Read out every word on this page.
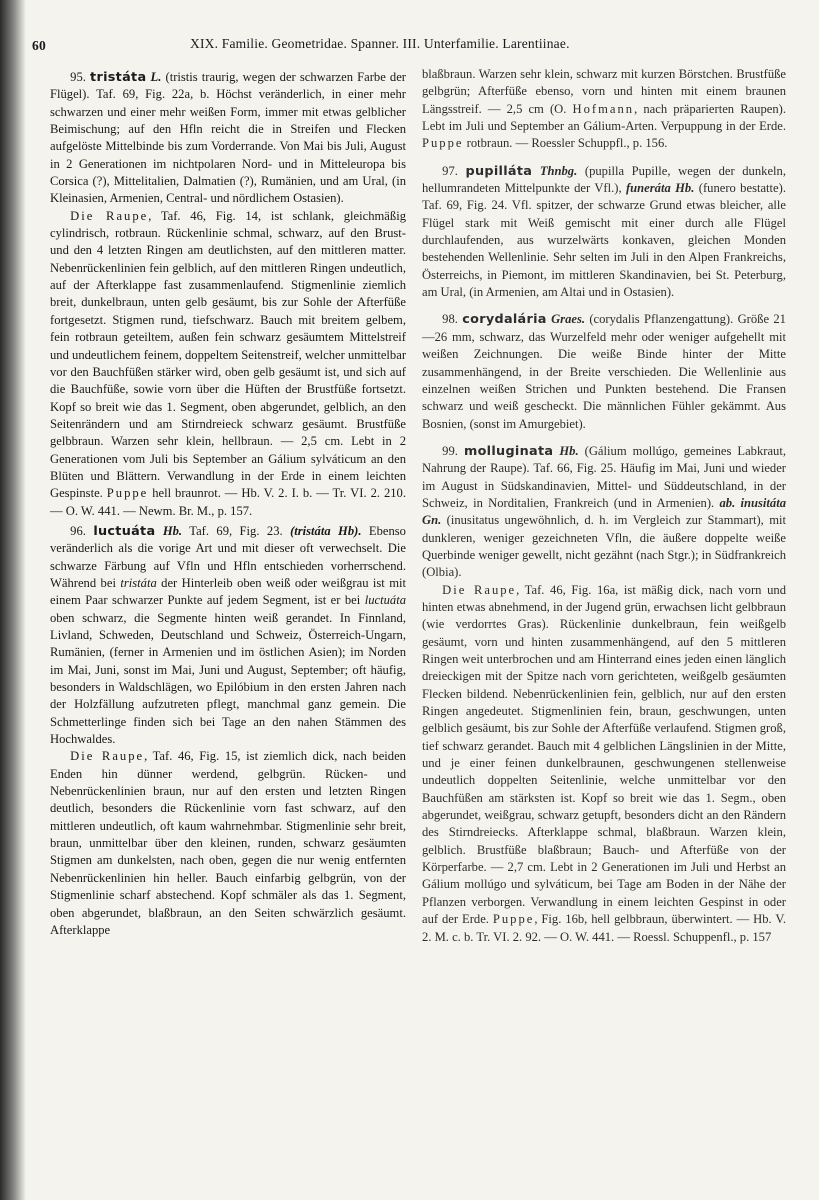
60	XIX. Familie. Geometridae. Spanner. III. Unterfamilie. Larentiinae.

95. tristáta L. (tristis traurig, wegen der schwarzen Farbe der Flügel). Taf. 69, Fig. 22a, b. Höchst veränderlich, in einer mehr schwarzen und einer mehr weißen Form, immer mit etwas gelblicher Beimischung; auf den Hfln reicht die in Streifen und Flecken aufgelöste Mittelbinde bis zum Vorderrande. Von Mai bis Juli, August in 2 Generationen im nichtpolaren Nord- und in Mitteleuropa bis Corsica (?), Mittelitalien, Dalmatien (?), Rumänien, und am Ural, (in Kleinasien, Armenien, Central- und nördlichem Ostasien).

Die Raupe, Taf. 46, Fig. 14, ist schlank, gleichmäßig cylindrisch, rotbraun. Rückenlinie schmal, schwarz, auf den Brust- und den 4 letzten Ringen am deutlichsten, auf den mittleren matter. Nebenrückenlinien fein gelblich, auf den mittleren Ringen undeutlich, auf der Afterklappe fast zusammenlaufend. Stigmenlinie ziemlich breit, dunkelbraun, unten gelb gesäumt, bis zur Sohle der Afterfüße fortgesetzt. Stigmen rund, tiefschwarz. Bauch mit breitem gelbem, fein rotbraun geteiltem, außen fein schwarz gesäumtem Mittelstreif und undeutlichem feinem, doppeltem Seitenstreif, welcher unmittelbar vor den Bauchfüßen stärker wird, oben gelb gesäumt ist, und sich auf die Bauchfüße, sowie vorn über die Hüften der Brustfüße fortsetzt. Kopf so breit wie das 1. Segment, oben abgerundet, gelblich, an den Seitenrändern und am Stirndreieck schwarz gesäumt. Brustfüße gelbbraun. Warzen sehr klein, hellbraun. — 2,5 cm. Lebt in 2 Generationen vom Juli bis September an Gálium sylváticum an den Blüten und Blättern. Verwandlung in der Erde in einem leichten Gespinste. Puppe hell braunrot. — Hb. V. 2. I. b. — Tr. VI. 2. 210. — O. W. 441. — Newm. Br. M., p. 157.

96. luctuáta Hb. Taf. 69, Fig. 23. (tristáta Hb). Ebenso veränderlich als die vorige Art und mit dieser oft verwechselt. Die schwarze Färbung auf Vfln und Hfln entschieden vorherrschend. Während bei tristáta der Hinterleib oben weiß oder weißgrau ist mit einem Paar schwarzer Punkte auf jedem Segment, ist er bei luctuáta oben schwarz, die Segmente hinten weiß gerandet. In Finnland, Livland, Schweden, Deutschland und Schweiz, Österreich-Ungarn, Rumänien, (ferner in Armenien und im östlichen Asien); im Norden im Mai, Juni, sonst im Mai, Juni und August, September; oft häufig, besonders in Waldschlägen, wo Epilóbium in den ersten Jahren nach der Holzfällung aufzutreten pflegt, manchmal ganz gemein. Die Schmetterlinge finden sich bei Tage an den nahen Stämmen des Hochwaldes.

Die Raupe, Taf. 46, Fig. 15, ist ziemlich dick, nach beiden Enden hin dünner werdend, gelbgrün. Rücken- und Nebenrückenlinien braun, nur auf den ersten und letzten Ringen deutlich, besonders die Rückenlinie vorn fast schwarz, auf den mittleren undeutlich, oft kaum wahrnehmbar. Stigmenlinie sehr breit, braun, unmittelbar über den kleinen, runden, schwarz gesäumten Stigmen am dunkelsten, nach oben, gegen die nur wenig entfernten Nebenrückenlinien hin heller. Bauch einfarbig gelbgrün, von der Stigmenlinie scharf abstechend. Kopf schmäler als das 1. Segment, oben abgerundet, blaßbraun, an den Seiten schwärzlich gesäumt. Afterklappe

blaßbraun. Warzen sehr klein, schwarz mit kurzen Börstchen. Brustfüße gelbgrün; Afterfüße ebenso, vorn und hinten mit einem braunen Längsstreif. — 2,5 cm (O. Hofmann, nach präparierten Raupen). Lebt im Juli und September an Gálium-Arten. Verpuppung in der Erde. Puppe rotbraun. — Roessler Schuppfl., p. 156.

97. pupilláta Thnbg. (pupilla Pupille, wegen der dunkeln, hellumrandeten Mittelpunkte der Vfl.), funeráta Hb. (funero bestatte). Taf. 69, Fig. 24. Vfl. spitzer, der schwarze Grund etwas bleicher, alle Flügel stark mit Weiß gemischt mit einer durch alle Flügel durchlaufenden, aus wurzelwärts konkaven, gleichen Monden bestehenden Wellenlinie. Sehr selten im Juli in den Alpen Frankreichs, Österreichs, in Piemont, im mittleren Skandinavien, bei St. Peterburg, am Ural, (in Armenien, am Altai und in Ostasien).

98. corydalária Graes. (corydalis Pflanzengattung). Größe 21—26 mm, schwarz, das Wurzelfeld mehr oder weniger aufgehellt mit weißen Zeichnungen. Die weiße Binde hinter der Mitte zusammenhängend, in der Breite verschieden. Die Wellenlinie aus einzelnen weißen Strichen und Punkten bestehend. Die Fransen schwarz und weiß gescheckt. Die männlichen Fühler gekämmt. Aus Bosnien, (sonst im Amurgebiet).

99. molluginata Hb. (Gálium mollúgo, gemeines Labkraut, Nahrung der Raupe). Taf. 66, Fig. 25. Häufig im Mai, Juni und wieder im August in Südskandinavien, Mittel- und Süddeutschland, in der Schweiz, in Norditalien, Frankreich (und in Armenien). ab. inusitáta Gn. (inusitatus ungewöhnlich, d. h. im Vergleich zur Stammart), mit dunkleren, weniger gezeichneten Vfln, die äußere doppelte weiße Querbinde weniger gewellt, nicht gezähnt (nach Stgr.); in Südfrankreich (Olbia).

Die Raupe, Taf. 46, Fig. 16a, ist mäßig dick, nach vorn und hinten etwas abnehmend, in der Jugend grün, erwachsen licht gelbbraun (wie verdorrtes Gras). Rückenlinie dunkelbraun, fein weißgelb gesäumt, vorn und hinten zusammenhängend, auf den 5 mittleren Ringen weit unterbrochen und am Hinterrand eines jeden einen länglich dreieckigen mit der Spitze nach vorn gerichteten, weißgelb gesäumten Flecken bildend. Nebenrückenlinien fein, gelblich, nur auf den ersten Ringen angedeutet. Stigmenlinien fein, braun, geschwungen, unten gelblich gesäumt, bis zur Sohle der Afterfüße verlaufend. Stigmen groß, tief schwarz gerandet. Bauch mit 4 gelblichen Längslinien in der Mitte, und je einer feinen dunkelbraunen, geschwungenen stellenweise undeutlich doppelten Seitenlinie, welche unmittelbar vor den Bauchfüßen am stärksten ist. Kopf so breit wie das 1. Segm., oben abgerundet, weißgrau, schwarz getupft, besonders dicht an den Rändern des Stirndreiecks. Afterklappe schmal, blaßbraun. Warzen klein, gelblich. Brustfüße blaßbraun; Bauch- und Afterfüße von der Körperfarbe. — 2,7 cm. Lebt in 2 Generationen im Juli und Herbst an Gálium mollúgo und sylváticum, bei Tage am Boden in der Nähe der Pflanzen verborgen. Verwandlung in einem leichten Gespinst in oder auf der Erde. Puppe, Fig. 16b, hell gelbbraun, überwintert. — Hb. V. 2. M. c. b. Tr. VI. 2. 92. — O. W. 441. — Roessl. Schuppenfl., p. 157
